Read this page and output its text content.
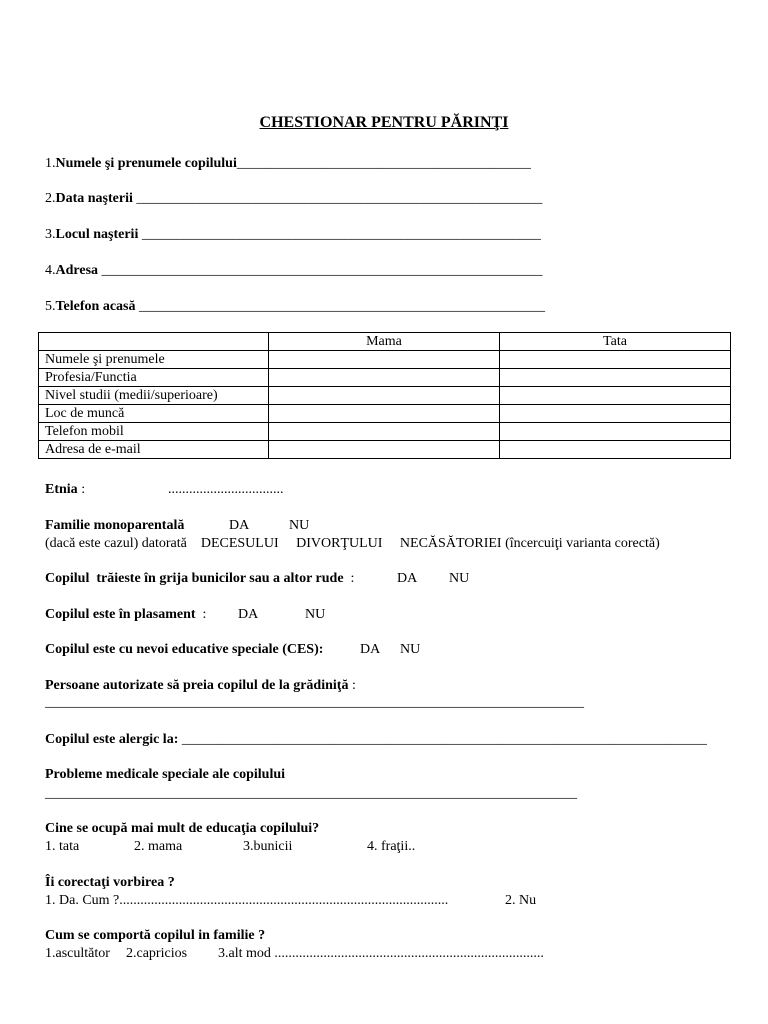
CHESTIONAR PENTRU PĂRINŢI
1.Numele şi prenumele copilului__________________________________________
2.Data naşterii __________________________________________________________
3.Locul naşterii _________________________________________________________
4.Adresa _______________________________________________________________
5.Telefon acasă __________________________________________________________
	Mama	Tata
Numele şi prenumele		
Profesia/Functia		
Nivel studii (medii/superioare)		
Loc de muncă		
Telefon mobil		
Adresa de e-mail		
Etnia :	.................................
Familie monoparentală	DA	NU
(dacă este cazul) datorată    DECESULUI     DIVORŢULUI     NECĂSĂTORIEI (încercuiţi varianta corectă)
Copilul  trăieste în grija bunicilor sau a altor rude  :	DA NU
Copilul este în plasament  : DA	NU
Copilul este cu nevoi educative speciale (CES):	DA NU
Persoane autorizate să preia copilul de la grădiniţă :
_____________________________________________________________________________
Copilul este alergic la: ___________________________________________________________________________
Probleme medicale speciale ale copilului
____________________________________________________________________________
Cine se ocupă mai mult de educaţia copilului?
1. tata	2. mama	3.bunicii	4. fraţii..
Îi corectaţi vorbirea ?
1. Da. Cum ?..............................................................................................	2. Nu
Cum se comportă copilul in familie ?
1.ascultător 2.capricios 3.alt mod .............................................................................
